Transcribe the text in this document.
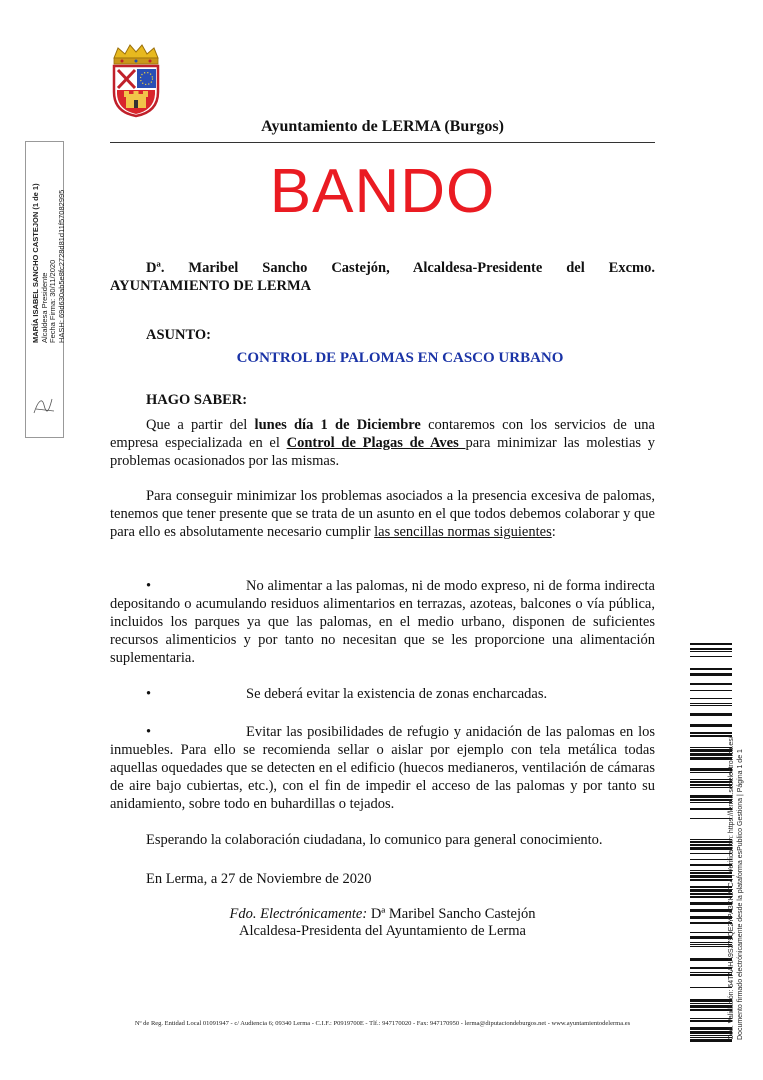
Ayuntamiento de LERMA (Burgos)
BANDO
MARÍA ISABEL SANCHO CASTEJON (1 de 1) Alcaldesa Presidente Fecha Firma: 30/11/2020 HASH: 69d630ab5e8fc2728d81d11f57082995	Dª. Maribel Sancho Castejón, Alcaldesa-Presidente del Excmo.

AYUNTAMIENTO DE LERMA

ASUNTO:

CONTROL DE PALOMAS EN CASCO URBANO

HAGO SABER:

Que a partir del lunes día 1 de Diciembre contaremos con los servicios de una empresa especializada en el Control de Plagas de Aves para minimizar las molestias y problemas ocasionados por las mismas.

Para conseguir minimizar los problemas asociados a la presencia excesiva de palomas, tenemos que tener presente que se trata de un asunto en el que todos debemos colaborar y que para ello es absolutamente necesario cumplir las sencillas normas siguientes:

•	No alimentar a las palomas, ni de modo expreso, ni de forma indirecta depositando o acumulando residuos alimentarios en terrazas, azoteas, balcones o vía pública, incluidos los parques ya que las palomas, en el medio urbano, disponen de suficientes recursos alimenticios y por tanto no necesitan que se les proporcione una alimentación suplementaria.

•	Se deberá evitar la existencia de zonas encharcadas.

•	Evitar las posibilidades de refugio y anidación de las palomas en los inmuebles. Para ello se recomienda sellar o aislar por ejemplo con tela metálica todas aquellas oquedades que se detecten en el edificio (huecos medianeros, ventilación de cámaras de aire bajo cubiertas, etc.), con el fin de impedir el acceso de las palomas y por tanto su anidamiento, sobre todo en buhardillas o tejados.

Esperando la colaboración ciudadana, lo comunico para general conocimiento.

En Lerma, a 27 de Noviembre de 2020

Fdo. Electrónicamente: Dª Maribel Sancho Castejón
Alcaldesa-Presidenta del Ayuntamiento de Lerma
Nº de Reg. Entidad Local 01091947 - c/ Audiencia 6; 09340 Lerma - C.I.F.: P0919700E - Tlf.: 947170020 - Fax: 947170950 - lerma@diputaciondeburgos.net - www.ayuntamientodelerma.es	Cód. Validación: 64TAAHA9S379QE2YPA3CK2TC4 | Verificación: https://lerma.sedelectronica.es/ Documento firmado electrónicamente desde la plataforma esPublico Gestiona | Página 1 de 1
